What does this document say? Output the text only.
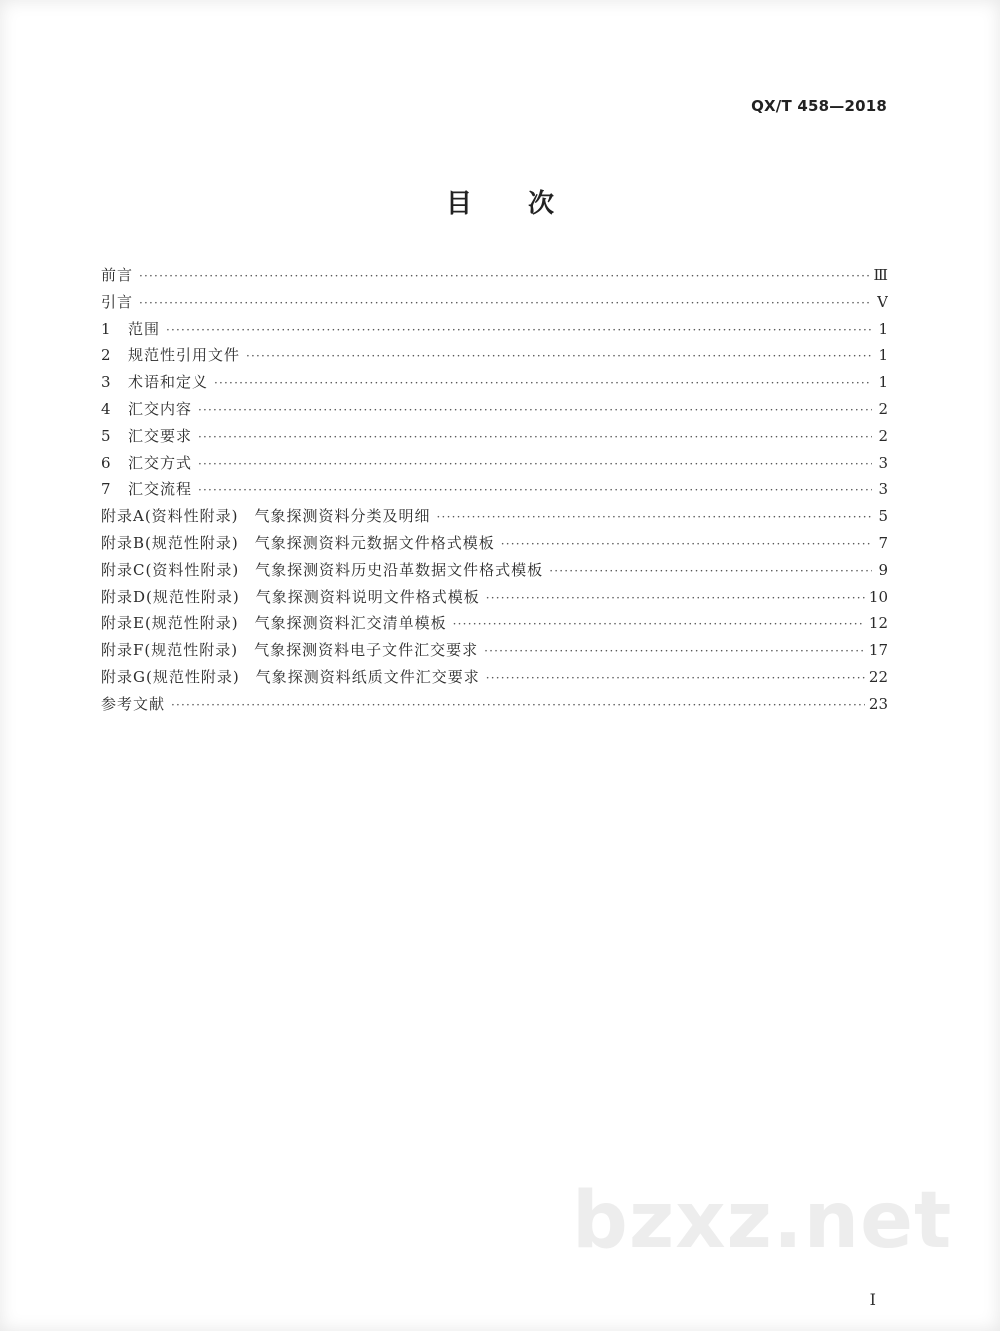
QX/T 458—2018
目次
前言 ·····	Ⅲ
引言 ·····	Ⅴ
1	范围 ·····	1
2	规范性引用文件 ·····	1
3	术语和定义 ·····	1
4	汇交内容 ·····	2
5	汇交要求 ·····	2
6	汇交方式 ·····	3
7	汇交流程 ·····	3
附录A(资料性附录)　气象探测资料分类及明细 ·····	5
附录B(规范性附录)　气象探测资料元数据文件格式模板 ·····	7
附录C(资料性附录)　气象探测资料历史沿革数据文件格式模板 ·····	9
附录D(规范性附录)　气象探测资料说明文件格式模板 ·····	10
附录E(规范性附录)　气象探测资料汇交清单模板 ·····	12
附录F(规范性附录)　气象探测资料电子文件汇交要求 ·····	17
附录G(规范性附录)　气象探测资料纸质文件汇交要求 ·····	22
参考文献 ·····	23
bzxz.net
I
